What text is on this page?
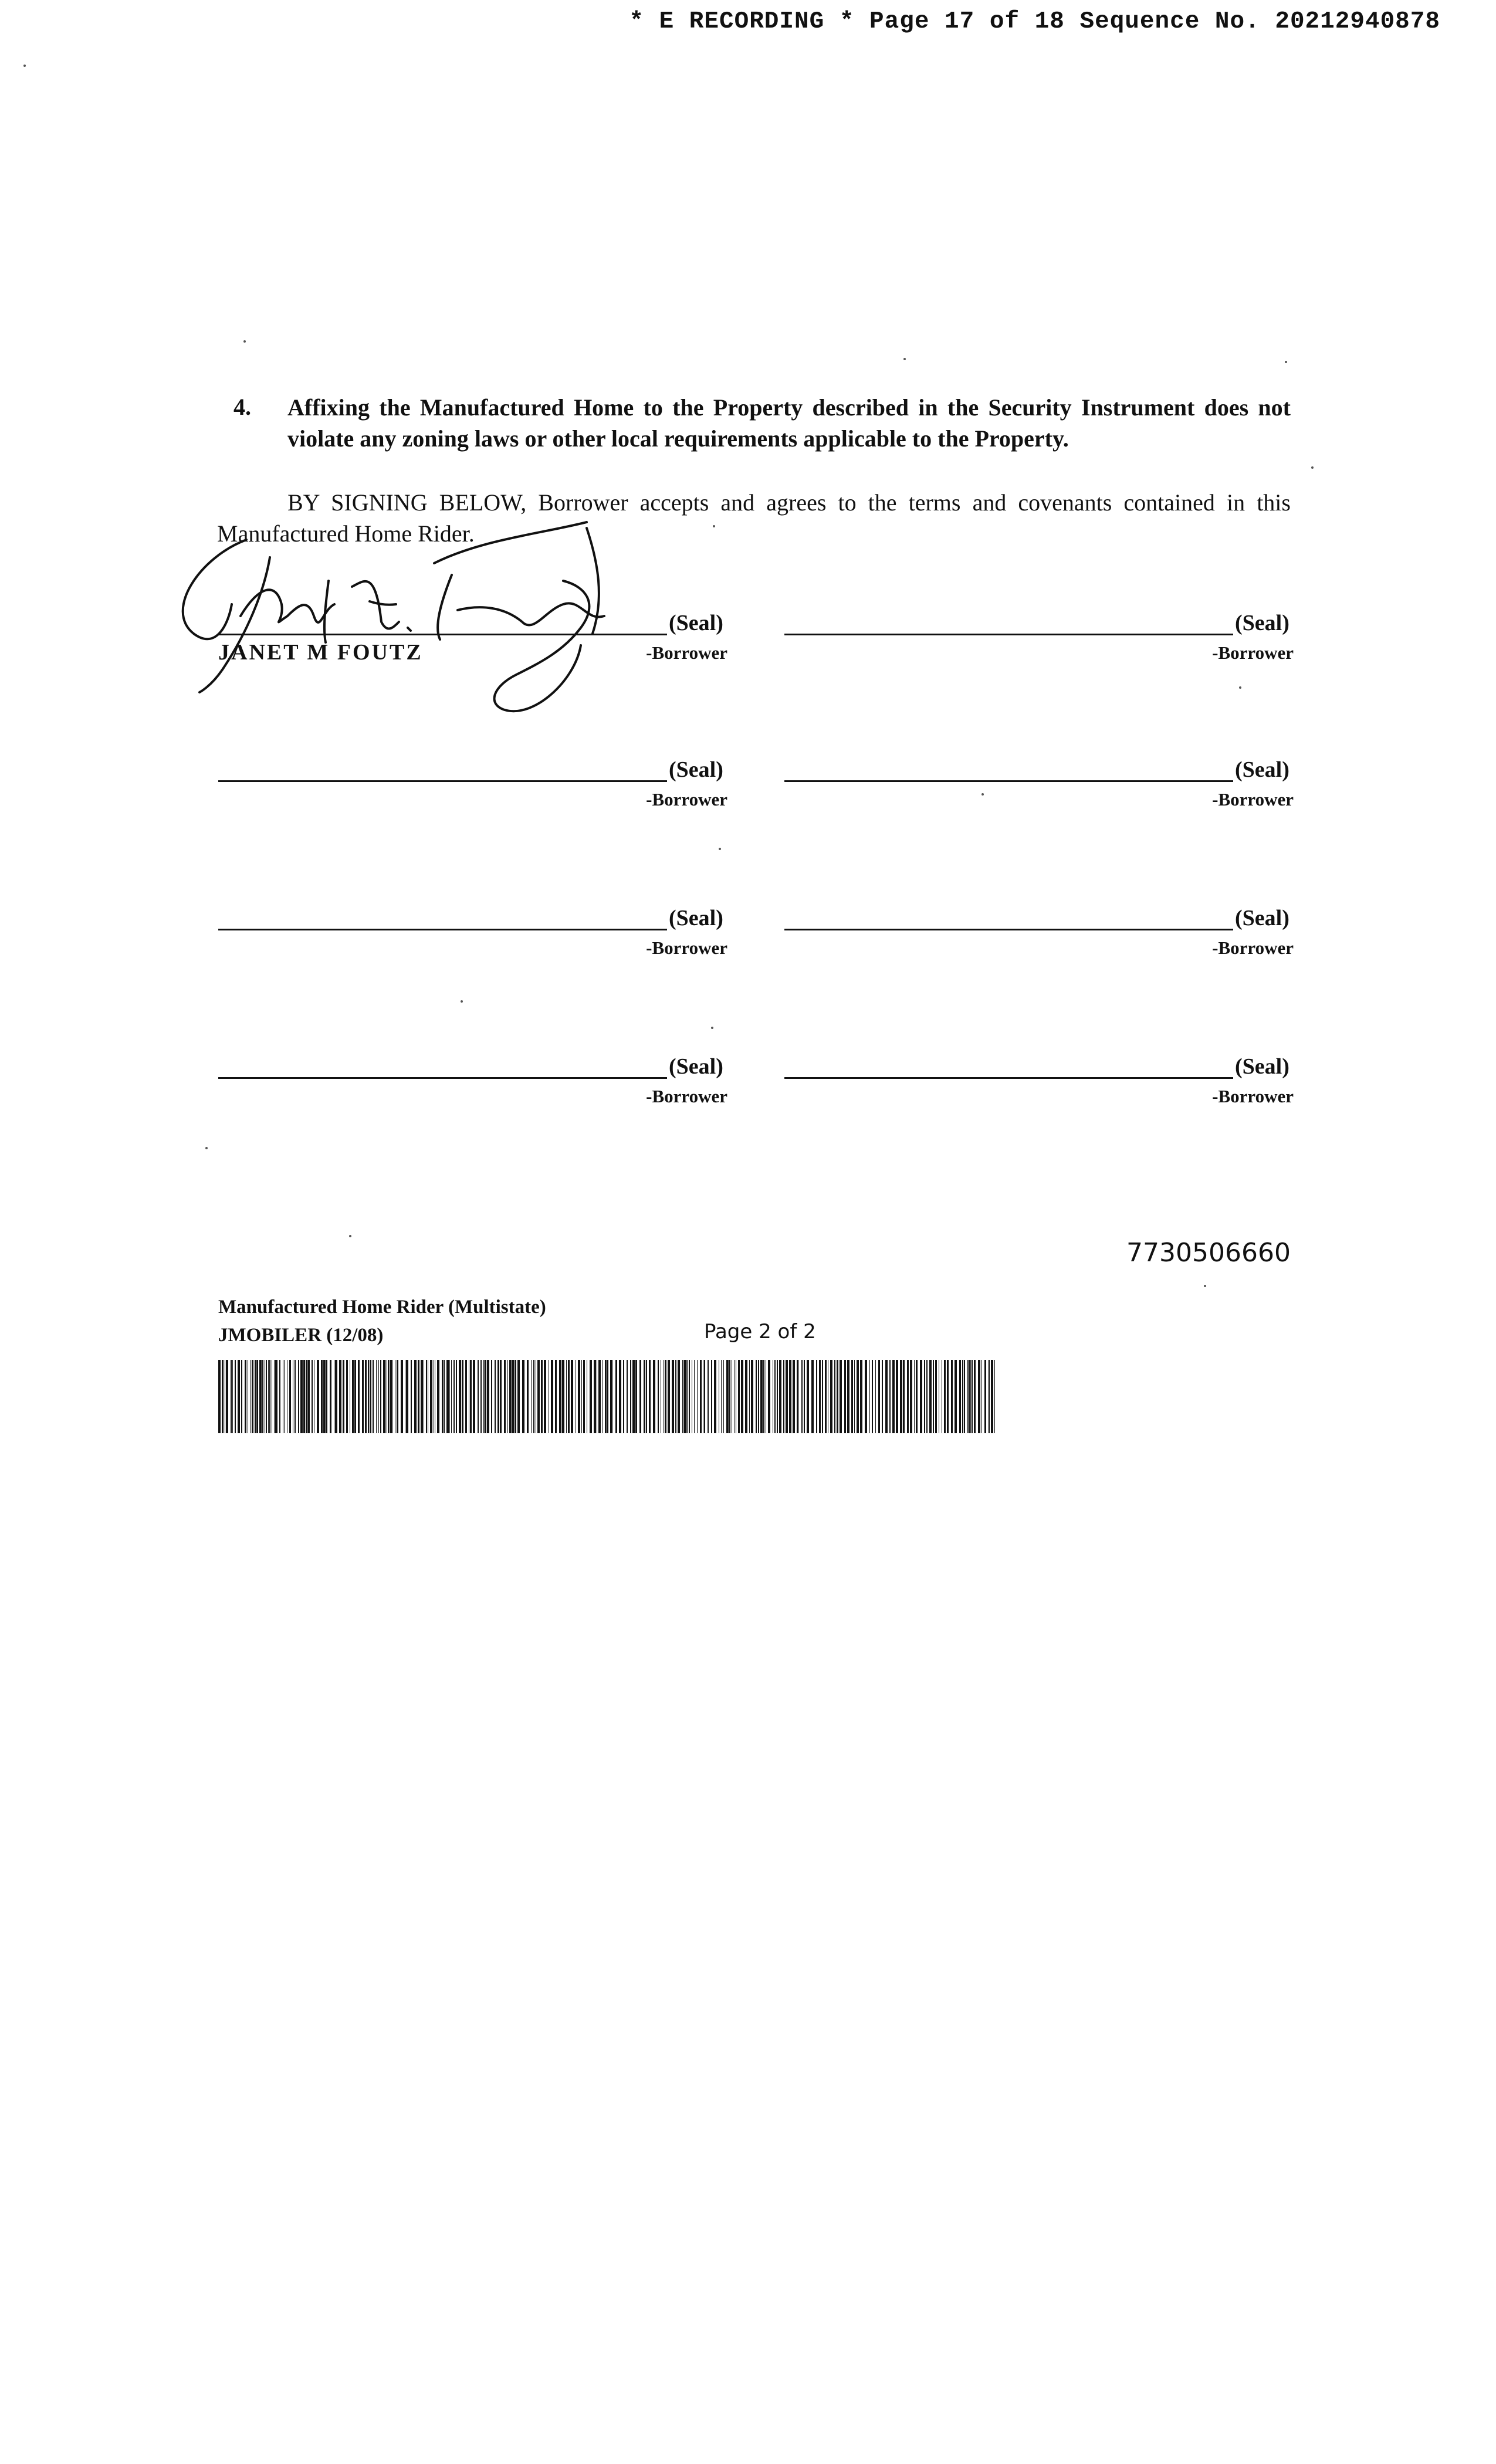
* E RECORDING * Page 17 of 18 Sequence No. 20212940878
4. Affixing the Manufactured Home to the Property described in the Security Instrument does not violate any zoning laws or other local requirements applicable to the Property.
BY SIGNING BELOW, Borrower accepts and agrees to the terms and covenants contained in this Manufactured Home Rider.
(Seal)
-Borrower
JANET M FOUTZ
(Seal)
-Borrower
(Seal)
-Borrower
(Seal)
-Borrower
(Seal)
-Borrower
(Seal)
-Borrower
(Seal)
-Borrower
(Seal)
-Borrower
7730506660
Manufactured Home Rider (Multistate)
JMOBILER (12/08)	Page 2 of 2
